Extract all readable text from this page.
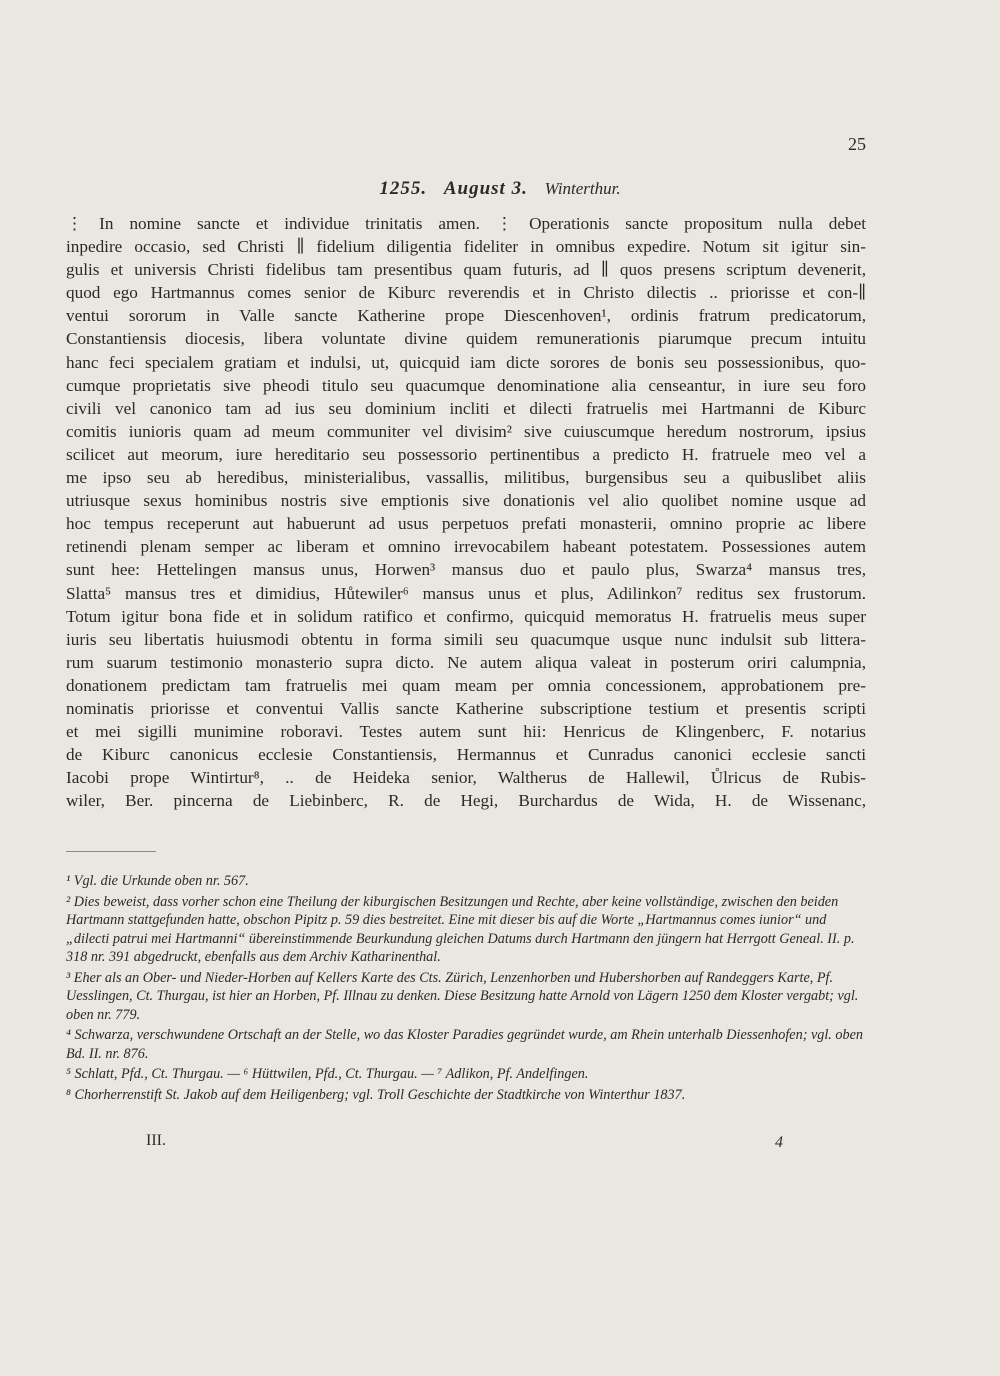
25
1255. August 3. Winterthur.
⋮ In nomine sancte et individue trinitatis amen. ⋮ Operationis sancte propositum nulla debet
inpedire occasio, sed Christi ∥ fidelium diligentia fideliter in omnibus expedire. Notum sit igitur sin-
gulis et universis Christi fidelibus tam presentibus quam futuris, ad ∥ quos presens scriptum devenerit,
quod ego Hartmannus comes senior de Kiburc reverendis et in Christo dilectis .. priorisse et con-∥
ventui sororum in Valle sancte Katherine prope Diescenhoven¹, ordinis fratrum predicatorum,
Constantiensis diocesis, libera voluntate divine quidem remunerationis piarumque precum intuitu
hanc feci specialem gratiam et indulsi, ut, quicquid iam dicte sorores de bonis seu possessionibus, quo-
cumque proprietatis sive pheodi titulo seu quacumque denominatione alia censeantur, in iure seu foro
civili vel canonico tam ad ius seu dominium incliti et dilecti fratruelis mei Hartmanni de Kiburc
comitis iunioris quam ad meum communiter vel divisim² sive cuiuscumque heredum nostrorum, ipsius
scilicet aut meorum, iure hereditario seu possessorio pertinentibus a predicto H. fratruele meo vel a
me ipso seu ab heredibus, ministerialibus, vassallis, militibus, burgensibus seu a quibuslibet aliis
utriusque sexus hominibus nostris sive emptionis sive donationis vel alio quolibet nomine usque ad
hoc tempus receperunt aut habuerunt ad usus perpetuos prefati monasterii, omnino proprie ac libere
retinendi plenam semper ac liberam et omnino irrevocabilem habeant potestatem. Possessiones autem
sunt hee: Hettelingen mansus unus, Horwen³ mansus duo et paulo plus, Swarza⁴ mansus tres,
Slatta⁵ mansus tres et dimidius, Hůtewiler⁶ mansus unus et plus, Adilinkon⁷ reditus sex frustorum.
Totum igitur bona fide et in solidum ratifico et confirmo, quicquid memoratus H. fratruelis meus super
iuris seu libertatis huiusmodi obtentu in forma simili seu quacumque usque nunc indulsit sub littera-
rum suarum testimonio monasterio supra dicto. Ne autem aliqua valeat in posterum oriri calumpnia,
donationem predictam tam fratruelis mei quam meam per omnia concessionem, approbationem pre-
nominatis priorisse et conventui Vallis sancte Katherine subscriptione testium et presentis scripti
et mei sigilli munimine roboravi. Testes autem sunt hii: Henricus de Klingenberc, F. notarius
de Kiburc canonicus ecclesie Constantiensis, Hermannus et Cunradus canonici ecclesie sancti
Iacobi prope Wintirtur⁸, .. de Heideka senior, Waltherus de Hallewil, Ůlricus de Rubis-
wiler, Ber. pincerna de Liebinberc, R. de Hegi, Burchardus de Wida, H. de Wissenanc,

¹ Vgl. die Urkunde oben nr. 567.

² Dies beweist, dass vorher schon eine Theilung der kiburgischen Besitzungen und Rechte, aber keine vollständige, zwischen den beiden Hartmann stattgefunden hatte, obschon Pipitz p. 59 dies bestreitet. Eine mit dieser bis auf die Worte „Hartmannus comes iunior“ und „dilecti patrui mei Hartmanni“ übereinstimmende Beurkundung gleichen Datums durch Hartmann den jüngern hat Herrgott Geneal. II. p. 318 nr. 391 abgedruckt, ebenfalls aus dem Archiv Katharinenthal.

³ Eher als an Ober- und Nieder-Horben auf Kellers Karte des Cts. Zürich, Lenzenhorben und Hubershorben auf Randeggers Karte, Pf. Uesslingen, Ct. Thurgau, ist hier an Horben, Pf. Illnau zu denken. Diese Besitzung hatte Arnold von Lägern 1250 dem Kloster vergabt; vgl. oben nr. 779.

⁴ Schwarza, verschwundene Ortschaft an der Stelle, wo das Kloster Paradies gegründet wurde, am Rhein unterhalb Diessenhofen; vgl. oben Bd. II. nr. 876.

⁵ Schlatt, Pfd., Ct. Thurgau. — ⁶ Hüttwilen, Pfd., Ct. Thurgau. — ⁷ Adlikon, Pf. Andelfingen.

⁸ Chorherrenstift St. Jakob auf dem Heiligenberg; vgl. Troll Geschichte der Stadtkirche von Winterthur 1837.

III.	4
